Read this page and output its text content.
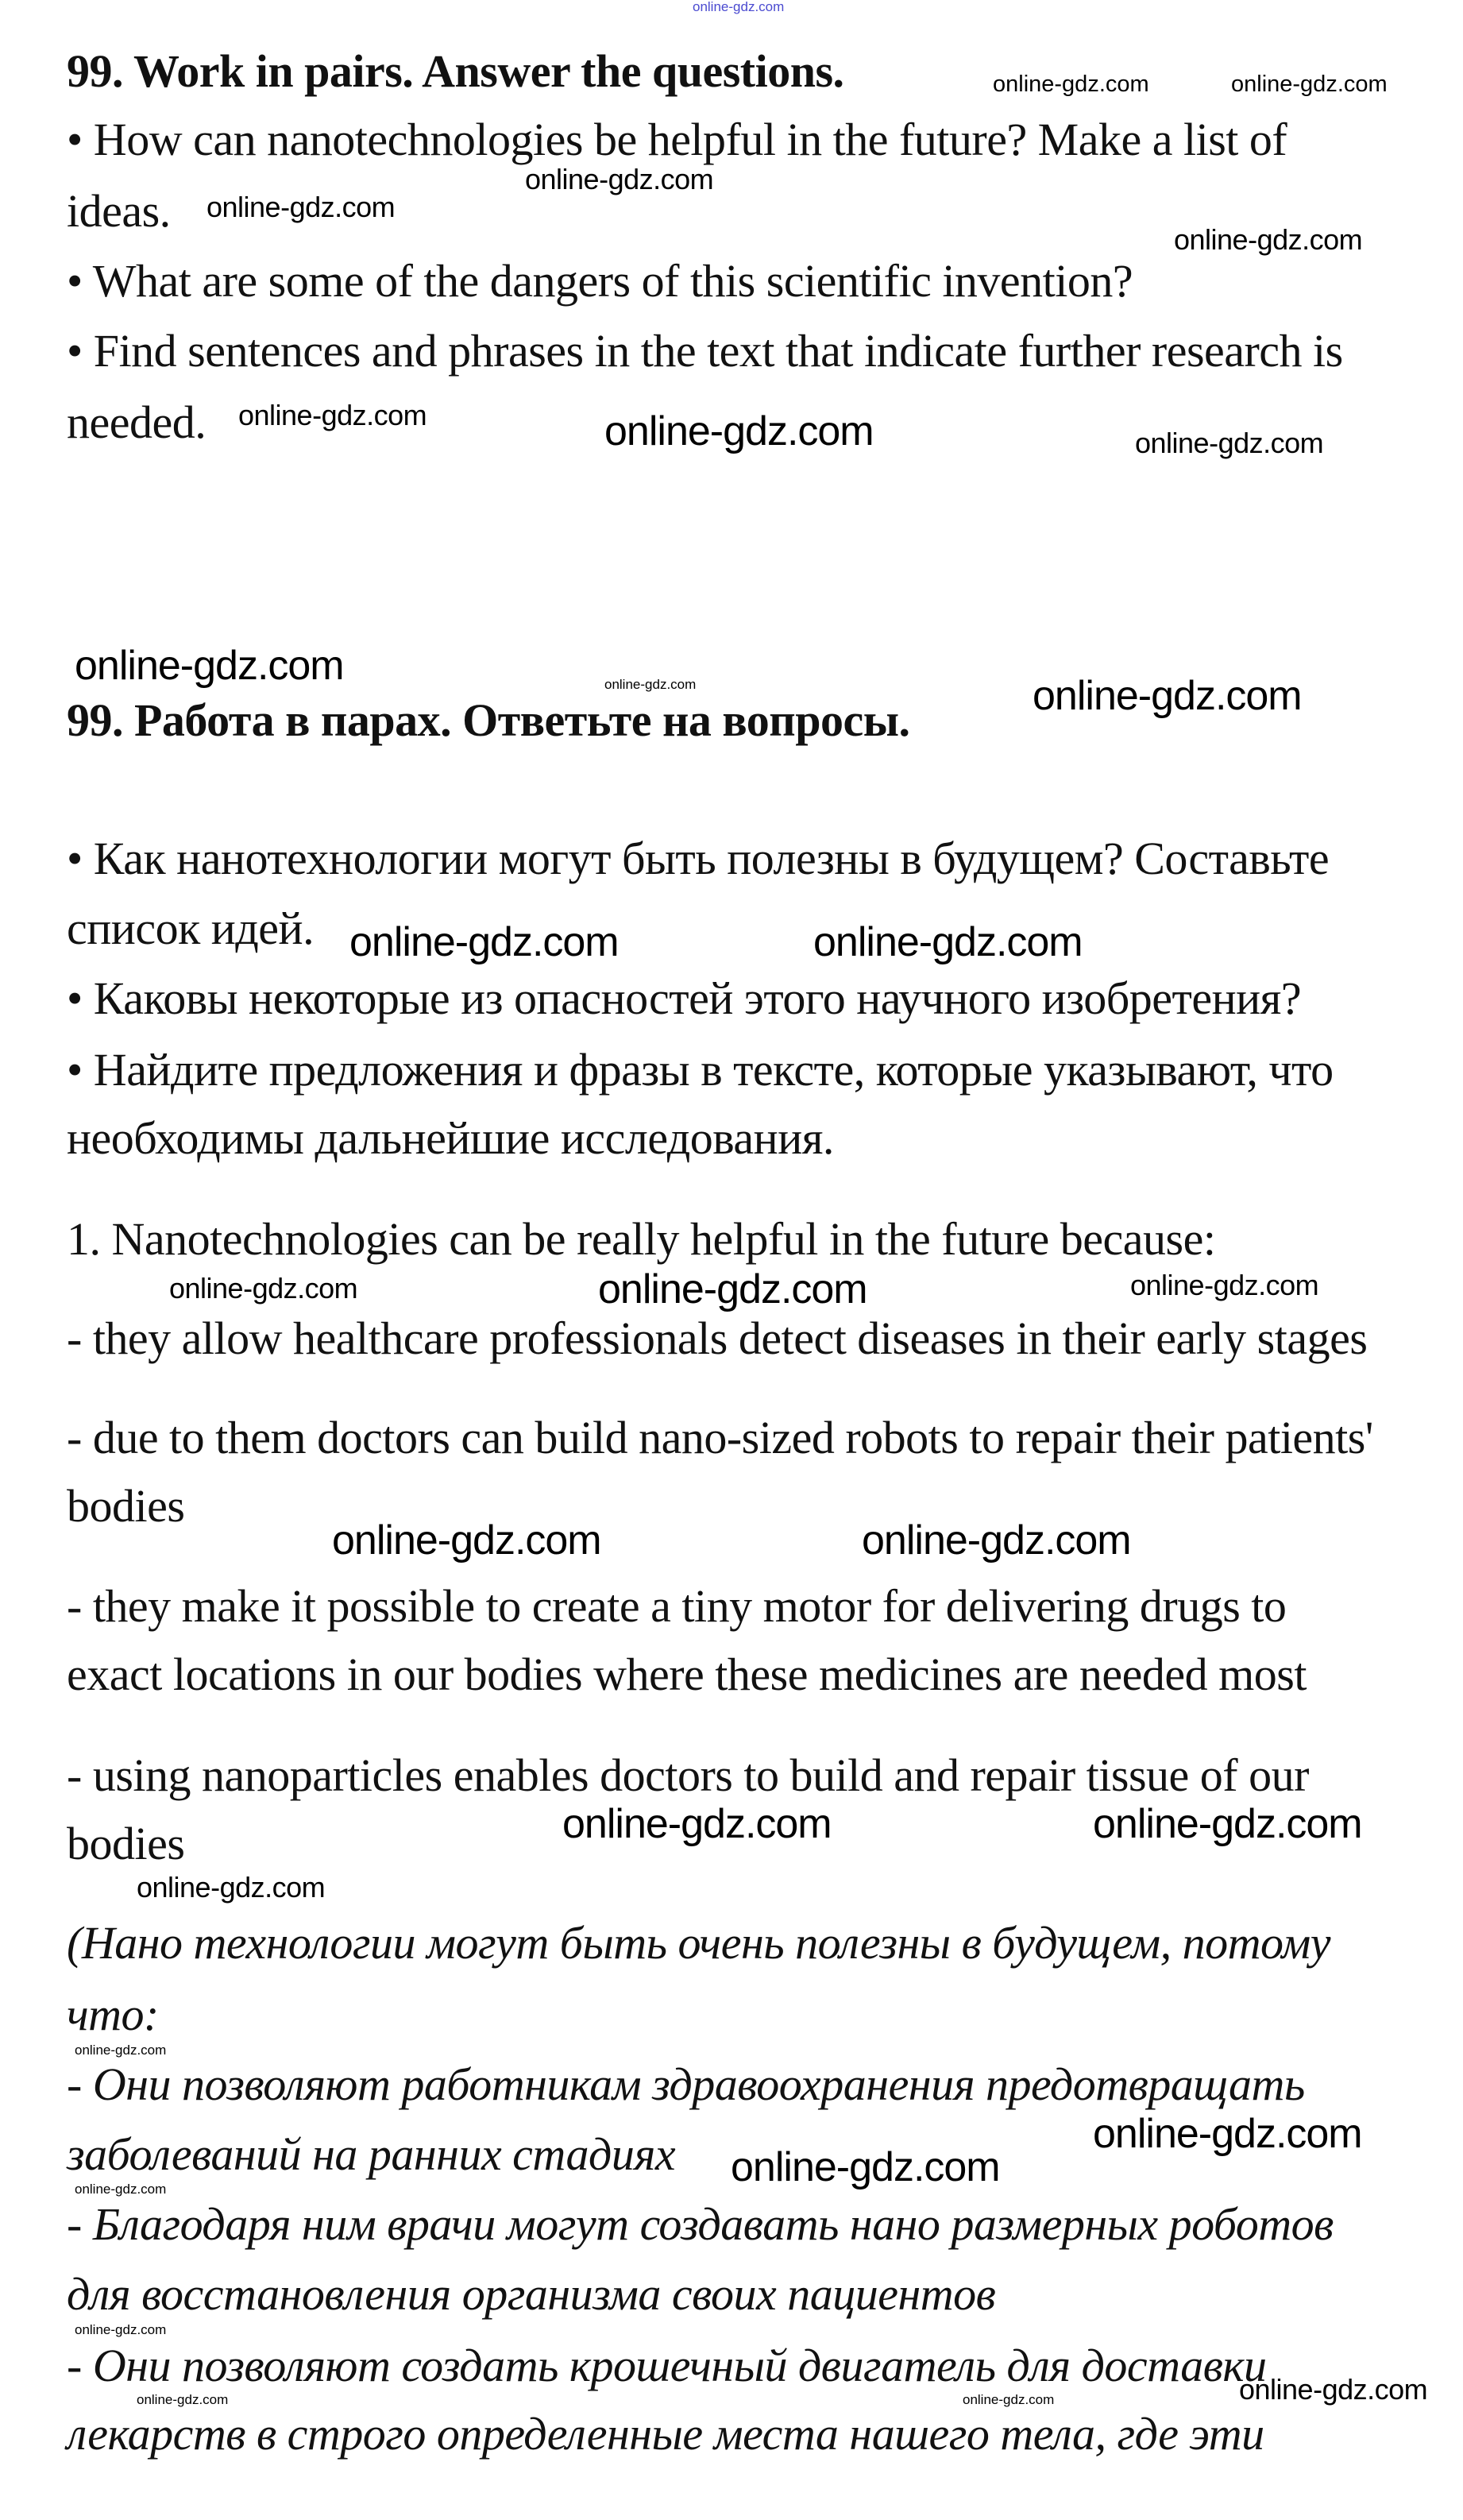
online-gdz.com
online-gdz.com	online-gdz.com
online-gdz.com
online-gdz.com
online-gdz.com
online-gdz.com	online-gdz.com	online-gdz.com
online-gdz.com	online-gdz.com	online-gdz.com
online-gdz.com	online-gdz.com
online-gdz.com
online-gdz.com
online-gdz.com
online-gdz.com	online-gdz.com
online-gdz.com	online-gdz.com
online-gdz.com
online-gdz.com
online-gdz.com
online-gdz.com	online-gdz.com
online-gdz.com
online-gdz.com	online-gdz.com
online-gdz.com
99. Work in pairs. Answer the questions.
• How can nanotechnologies be helpful in the future? Make a list of
ideas.
• What are some of the dangers of this scientific invention?
• Find sentences and phrases in the text that indicate further research is
needed.
99. Работа в парах. Ответьте на вопросы.
• Как нанотехнологии могут быть полезны в будущем? Составьте
список идей.
• Каковы некоторые из опасностей этого научного изобретения?
• Найдите предложения и фразы в тексте, которые указывают, что
необходимы дальнейшие исследования.
1. Nanotechnologies can be really helpful in the future because:
- they allow healthcare professionals detect diseases in their early stages
- due to them doctors can build nano-sized robots to repair their patients'
bodies
- they make it possible to create a tiny motor for delivering drugs to
exact locations in our bodies where these medicines are needed most
- using nanoparticles enables doctors to build and repair tissue of our
bodies
(Нано технологии могут быть очень полезны в будущем, потому
что:
- Они позволяют работникам здравоохранения предотвращать
заболеваний на ранних стадиях
- Благодаря ним врачи могут создавать нано размерных роботов
для восстановления организма своих пациентов
- Они позволяют создать крошечный двигатель для доставки
лекарств в строго определенные места нашего тела, где эти
